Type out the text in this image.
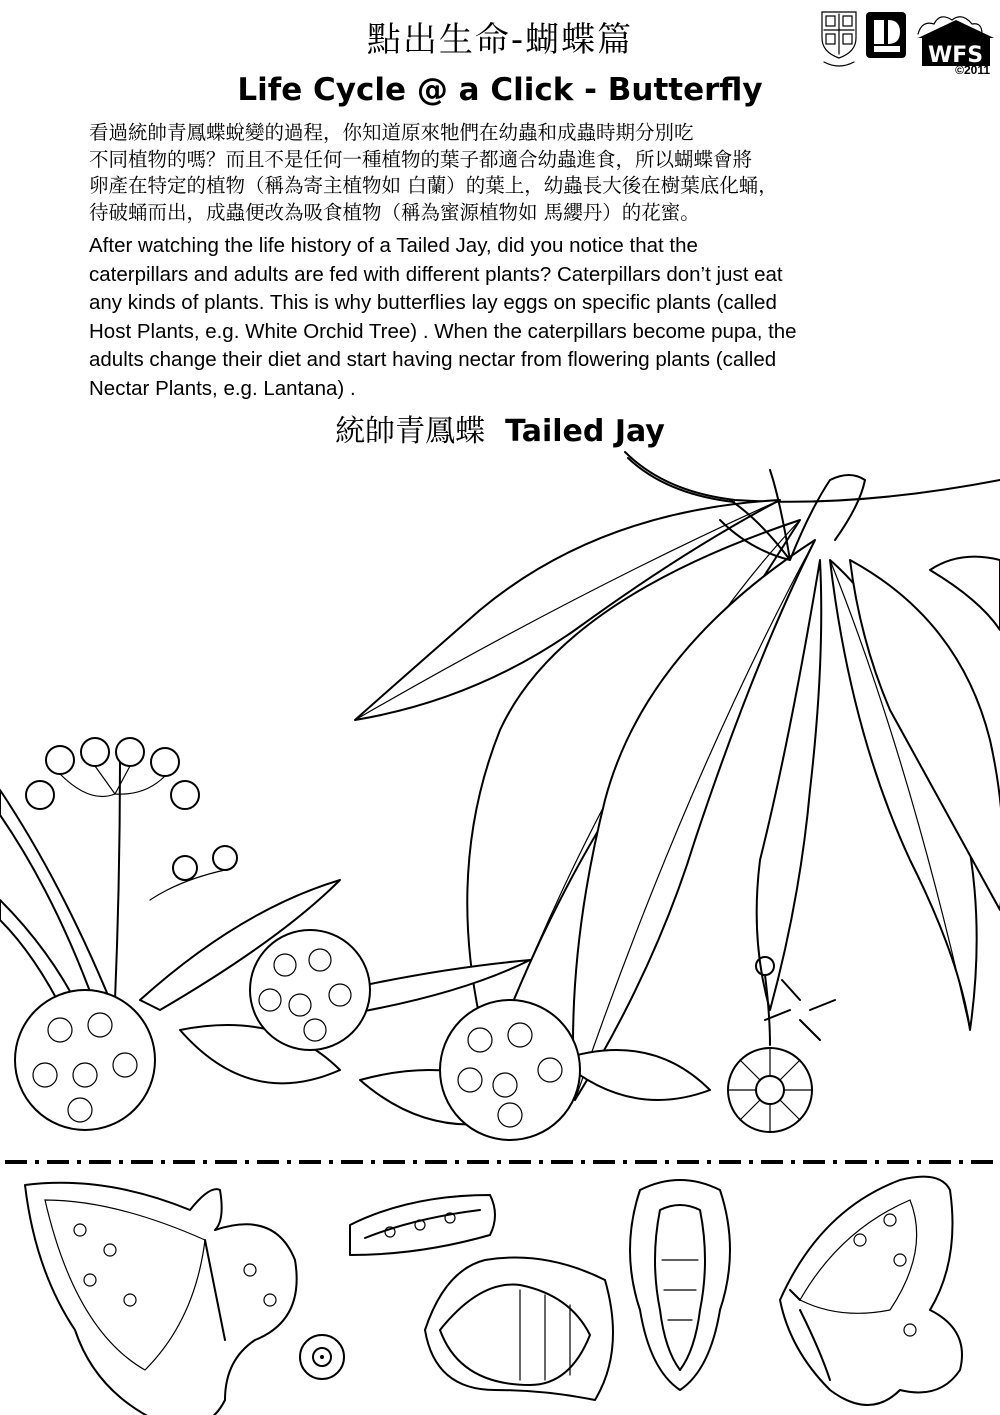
點出生命-蝴蝶篇
Life Cycle @ a Click - Butterfly
WFS
©2011

看過統帥青鳳蝶蛻變的過程，你知道原來牠們在幼蟲和成蟲時期分別吃
不同植物的嗎？而且不是任何一種植物的葉子都適合幼蟲進食，所以蝴蝶會將
卵產在特定的植物（稱為寄主植物如 白蘭）的葉上，幼蟲長大後在樹葉底化蛹，
待破蛹而出，成蟲便改為吸食植物（稱為蜜源植物如 馬纓丹）的花蜜。

After watching the life history of a Tailed Jay, did you notice that the
caterpillars and adults are fed with different plants? Caterpillars don’t just eat
any kinds of plants. This is why butterflies lay eggs on specific plants (called
Host Plants, e.g. White Orchid Tree) . When the caterpillars become pupa, the
adults change their diet and start having nectar from flowering plants (called
Nectar Plants, e.g. Lantana) .

統帥青鳳蝶 Tailed Jay
